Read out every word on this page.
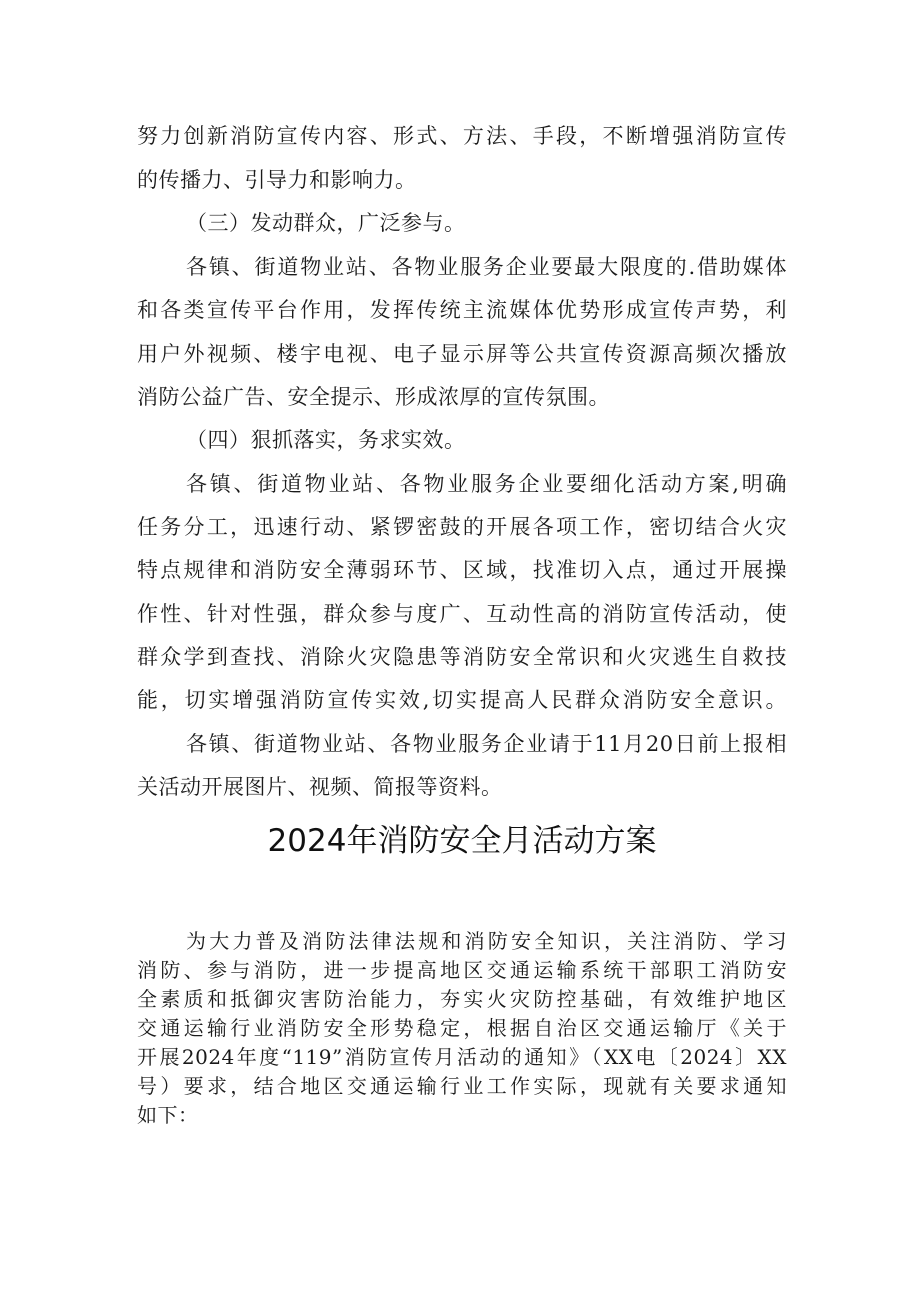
努力创新消防宣传内容、形式、方法、手段，不断增强消防宣传
的传播力、引导力和影响力。
（三）发动群众，广泛参与。
各镇、街道物业站、各物业服务企业要最大限度的.借助媒体
和各类宣传平台作用，发挥传统主流媒体优势形成宣传声势，利
用户外视频、楼宇电视、电子显示屏等公共宣传资源高频次播放
消防公益广告、安全提示、形成浓厚的宣传氛围。
（四）狠抓落实，务求实效。
各镇、街道物业站、各物业服务企业要细化活动方案,明确
任务分工，迅速行动、紧锣密鼓的开展各项工作，密切结合火灾
特点规律和消防安全薄弱环节、区域，找准切入点，通过开展操
作性、针对性强，群众参与度广、互动性高的消防宣传活动，使
群众学到查找、消除火灾隐患等消防安全常识和火灾逃生自救技
能，切实增强消防宣传实效,切实提高人民群众消防安全意识。
各镇、街道物业站、各物业服务企业请于11月20日前上报相
关活动开展图片、视频、简报等资料。
2024年消防安全月活动方案
为大力普及消防法律法规和消防安全知识，关注消防、学习
消防、参与消防，进一步提高地区交通运输系统干部职工消防安
全素质和抵御灾害防治能力，夯实火灾防控基础，有效维护地区
交通运输行业消防安全形势稳定，根据自治区交通运输厅《关于
开展2024年度“119”消防宣传月活动的通知》（XX电〔2024〕XX
号）要求，结合地区交通运输行业工作实际，现就有关要求通知
如下：
